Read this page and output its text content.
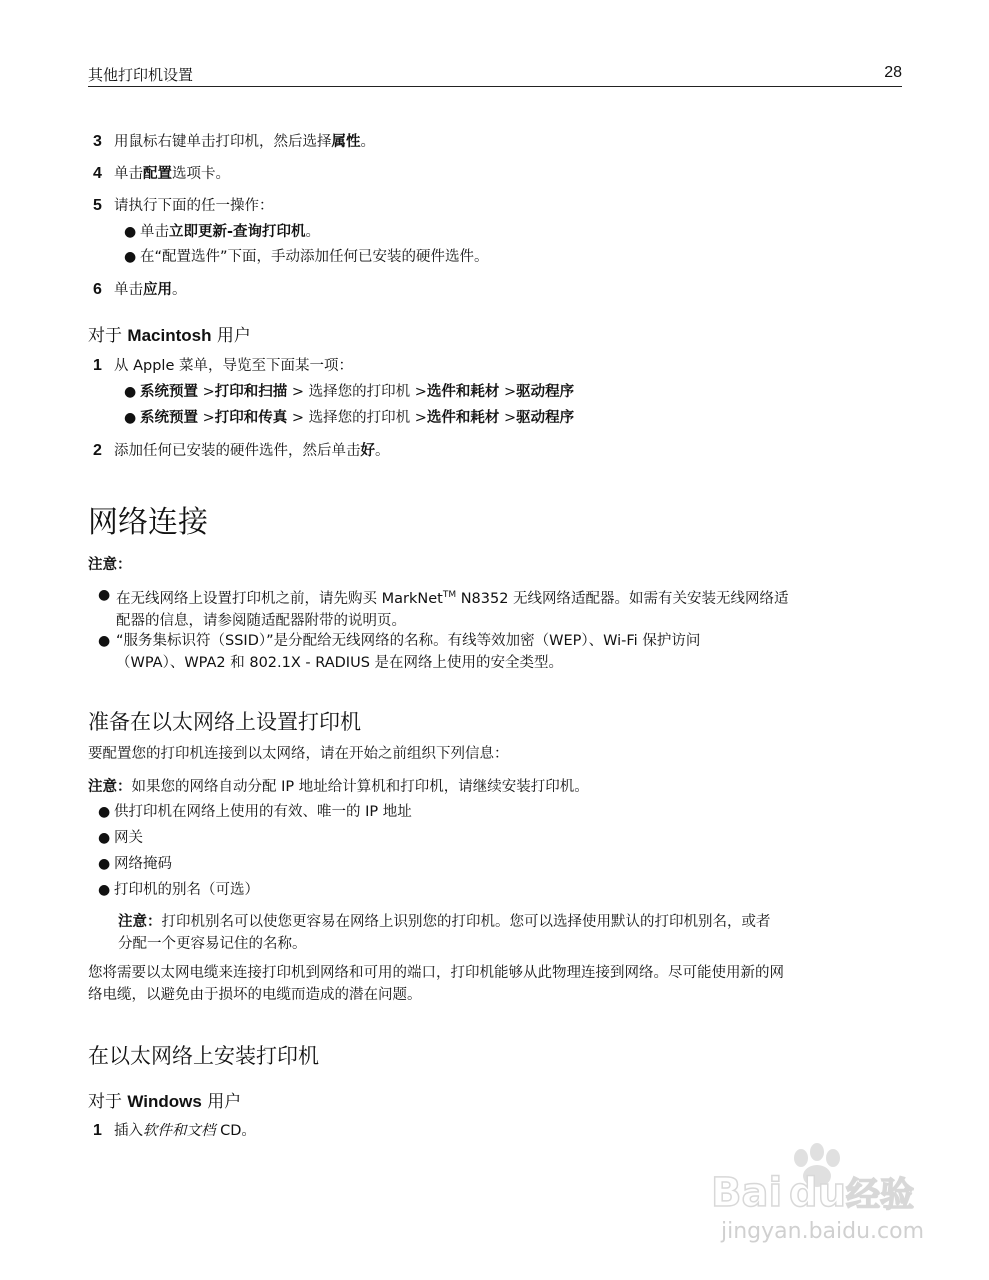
其他打印机设置	28
3 用鼠标右键单击打印机，然后选择属性。
4 单击配置选项卡。
5 请执行下面的任一操作：
● 单击立即更新-查询打印机。
● 在“配置选件”下面，手动添加任何已安装的硬件选件。
6 单击应用。
对于 Macintosh 用户
1 从 Apple 菜单，导览至下面某一项：
● 系统预置 >打印和扫描 > 选择您的打印机 >选件和耗材 >驱动程序
● 系统预置 >打印和传真 > 选择您的打印机 >选件和耗材 >驱动程序
2 添加任何已安装的硬件选件，然后单击好。
网络连接
注意：
● 在无线网络上设置打印机之前，请先购买 MarkNet™ N8352 无线网络适配器。如需有关安装无线网络适
配器的信息，请参阅随适配器附带的说明页。
● “服务集标识符（SSID）”是分配给无线网络的名称。有线等效加密（WEP）、Wi-Fi 保护访问
（WPA）、WPA2 和 802.1X - RADIUS 是在网络上使用的安全类型。
准备在以太网络上设置打印机
要配置您的打印机连接到以太网络，请在开始之前组织下列信息：
注意：如果您的网络自动分配 IP 地址给计算机和打印机，请继续安装打印机。
● 供打印机在网络上使用的有效、唯一的 IP 地址
● 网关
● 网络掩码
● 打印机的别名（可选）
注意：打印机别名可以使您更容易在网络上识别您的打印机。您可以选择使用默认的打印机别名，或者
分配一个更容易记住的名称。
您将需要以太网电缆来连接打印机到网络和可用的端口，打印机能够从此物理连接到网络。尽可能使用新的网
络电缆，以避免由于损坏的电缆而造成的潜在问题。
在以太网络上安装打印机
对于 Windows 用户
1 插入软件和文档 CD。
Bai du 经验
jingyan.baidu.com
